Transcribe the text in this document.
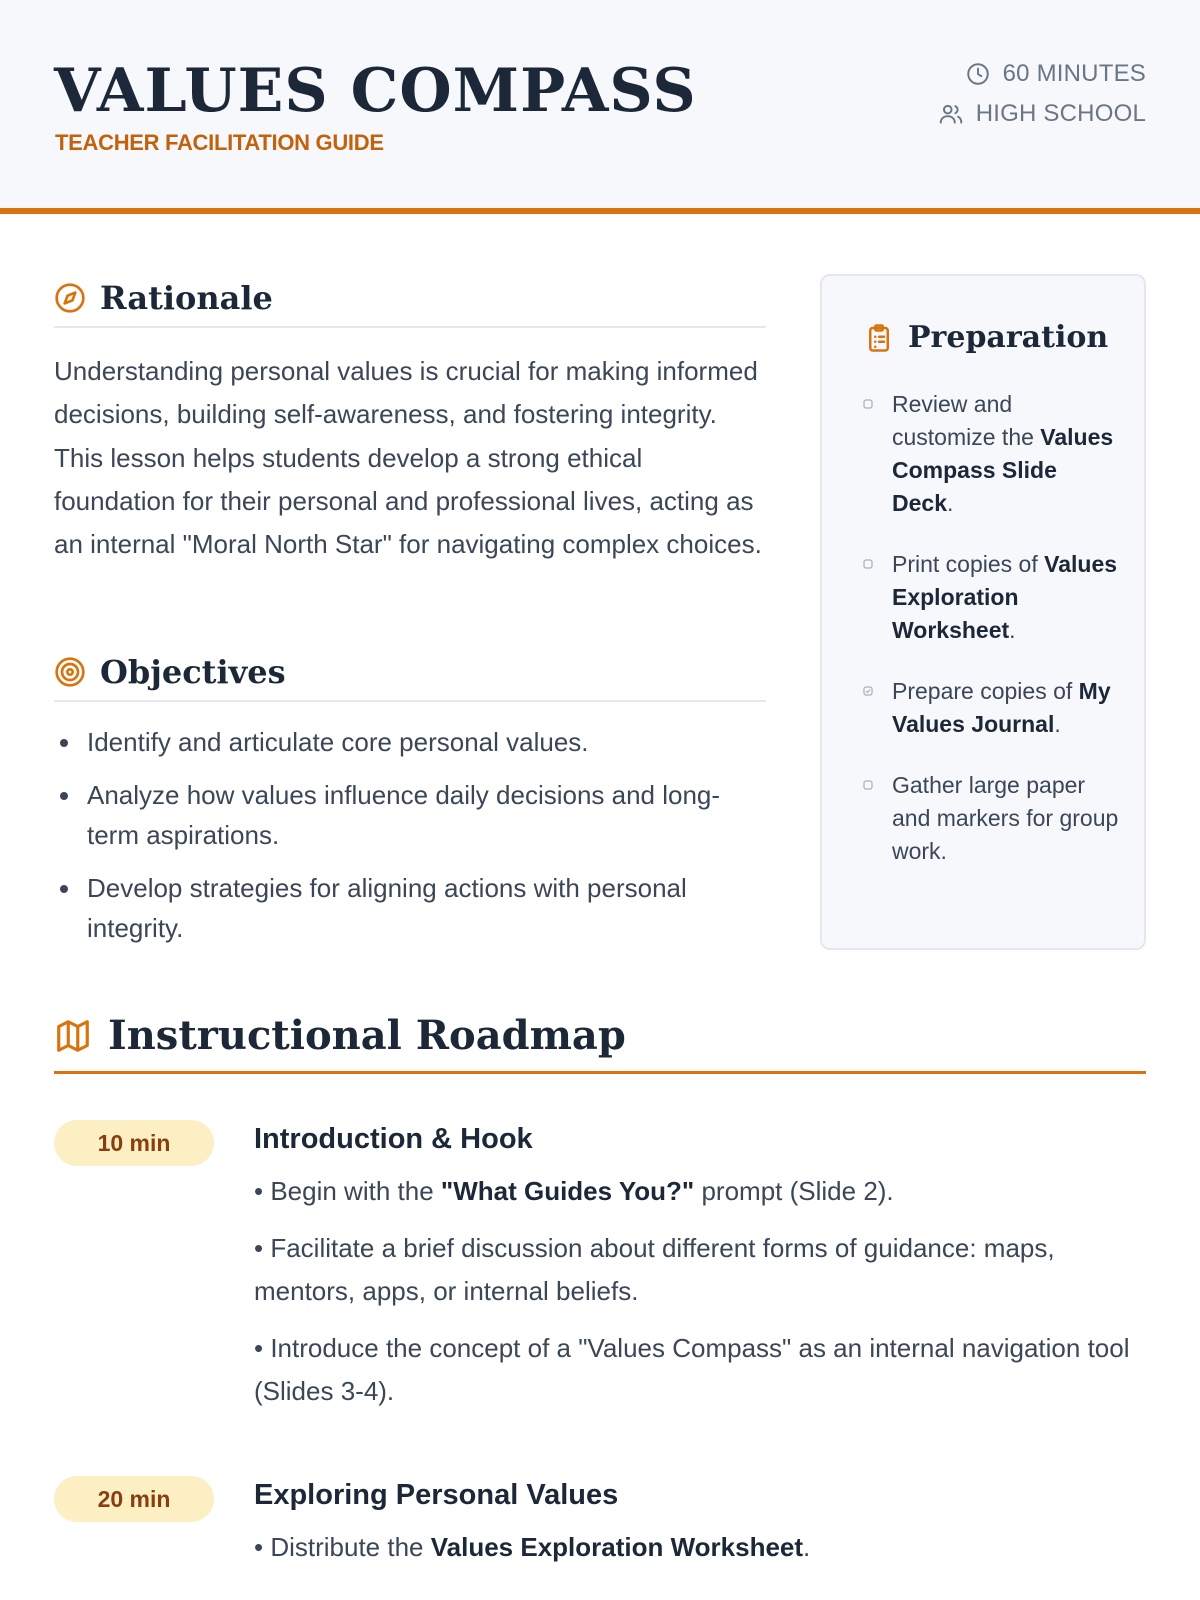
VALUES COMPASS
TEACHER FACILITATION GUIDE
60 MINUTES
HIGH SCHOOL
Rationale

Understanding personal values is crucial for making informed decisions, building self-awareness, and fostering integrity. This lesson helps students develop a strong ethical foundation for their personal and professional lives, acting as an internal "Moral North Star" for navigating complex choices.

Objectives
Identify and articulate core personal values.
Analyze how values influence daily decisions and long-term aspirations.
Develop strategies for aligning actions with personal integrity.
Preparation
Review and customize the Values Compass Slide Deck.
Print copies of Values Exploration Worksheet.
Prepare copies of My Values Journal.
Gather large paper and markers for group work.
Instructional Roadmap
10 min	Introduction & Hook
• Begin with the "What Guides You?" prompt (Slide 2).
• Facilitate a brief discussion about different forms of guidance: maps, mentors, apps, or internal beliefs.
• Introduce the concept of a "Values Compass" as an internal navigation tool (Slides 3-4).
20 min	Exploring Personal Values
• Distribute the Values Exploration Worksheet.
